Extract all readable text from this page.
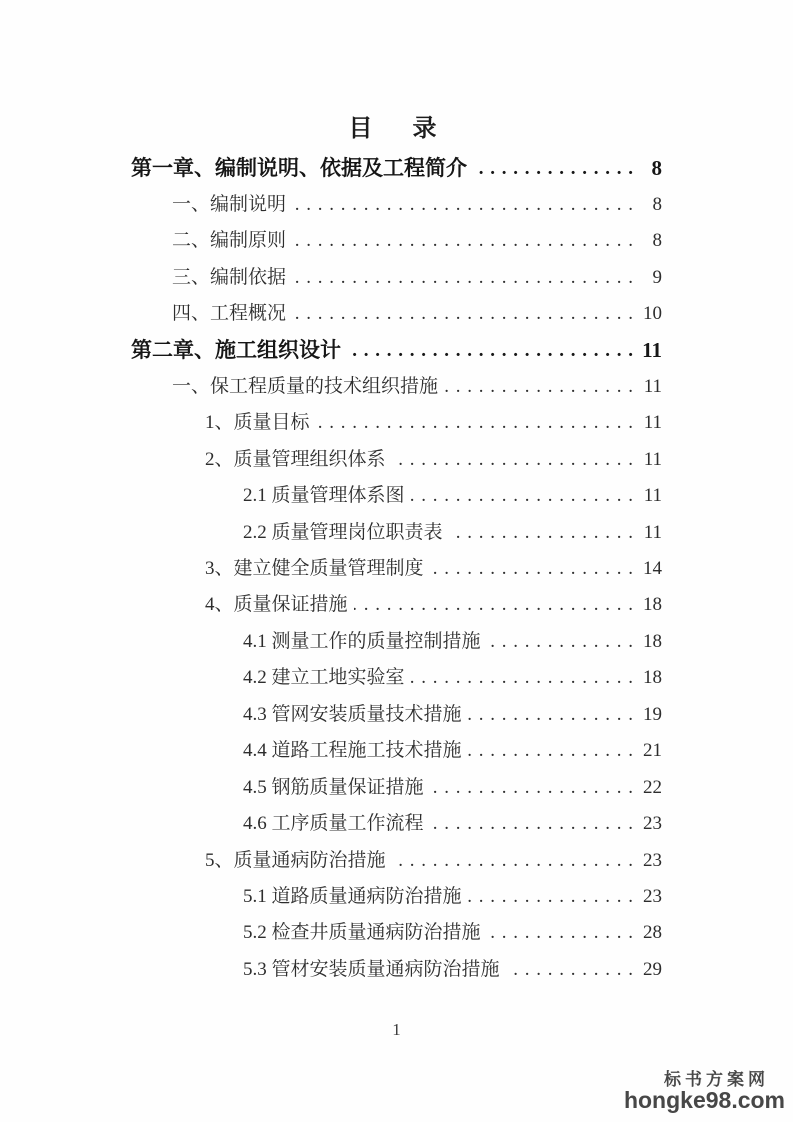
目　录
第一章、编制说明、依据及工程简介 . . .	8
一、编制说明 . . .	8
二、编制原则 . . .	8
三、编制依据 . . .	9
四、工程概况 . . .	10
第二章、施工组织设计 . . .	11
一、保工程质量的技术组织措施 . . .	11
1、质量目标 . . .	11
2、质量管理组织体系 . . .	11
2.1 质量管理体系图 . . .	11
2.2 质量管理岗位职责表 . . .	11
3、建立健全质量管理制度 . . .	14
4、质量保证措施 . . .	18
4.1 测量工作的质量控制措施 . . .	18
4.2 建立工地实验室 . . .	18
4.3 管网安装质量技术措施 . . .	19
4.4 道路工程施工技术措施 . . .	21
4.5 钢筋质量保证措施 . . .	22
4.6 工序质量工作流程 . . .	23
5、质量通病防治措施 . . .	23
5.1 道路质量通病防治措施 . . .	23
5.2 检查井质量通病防治措施 . . .	28
5.3 管材安装质量通病防治措施 . . .	29
1
标书方案网
hongke98.com
